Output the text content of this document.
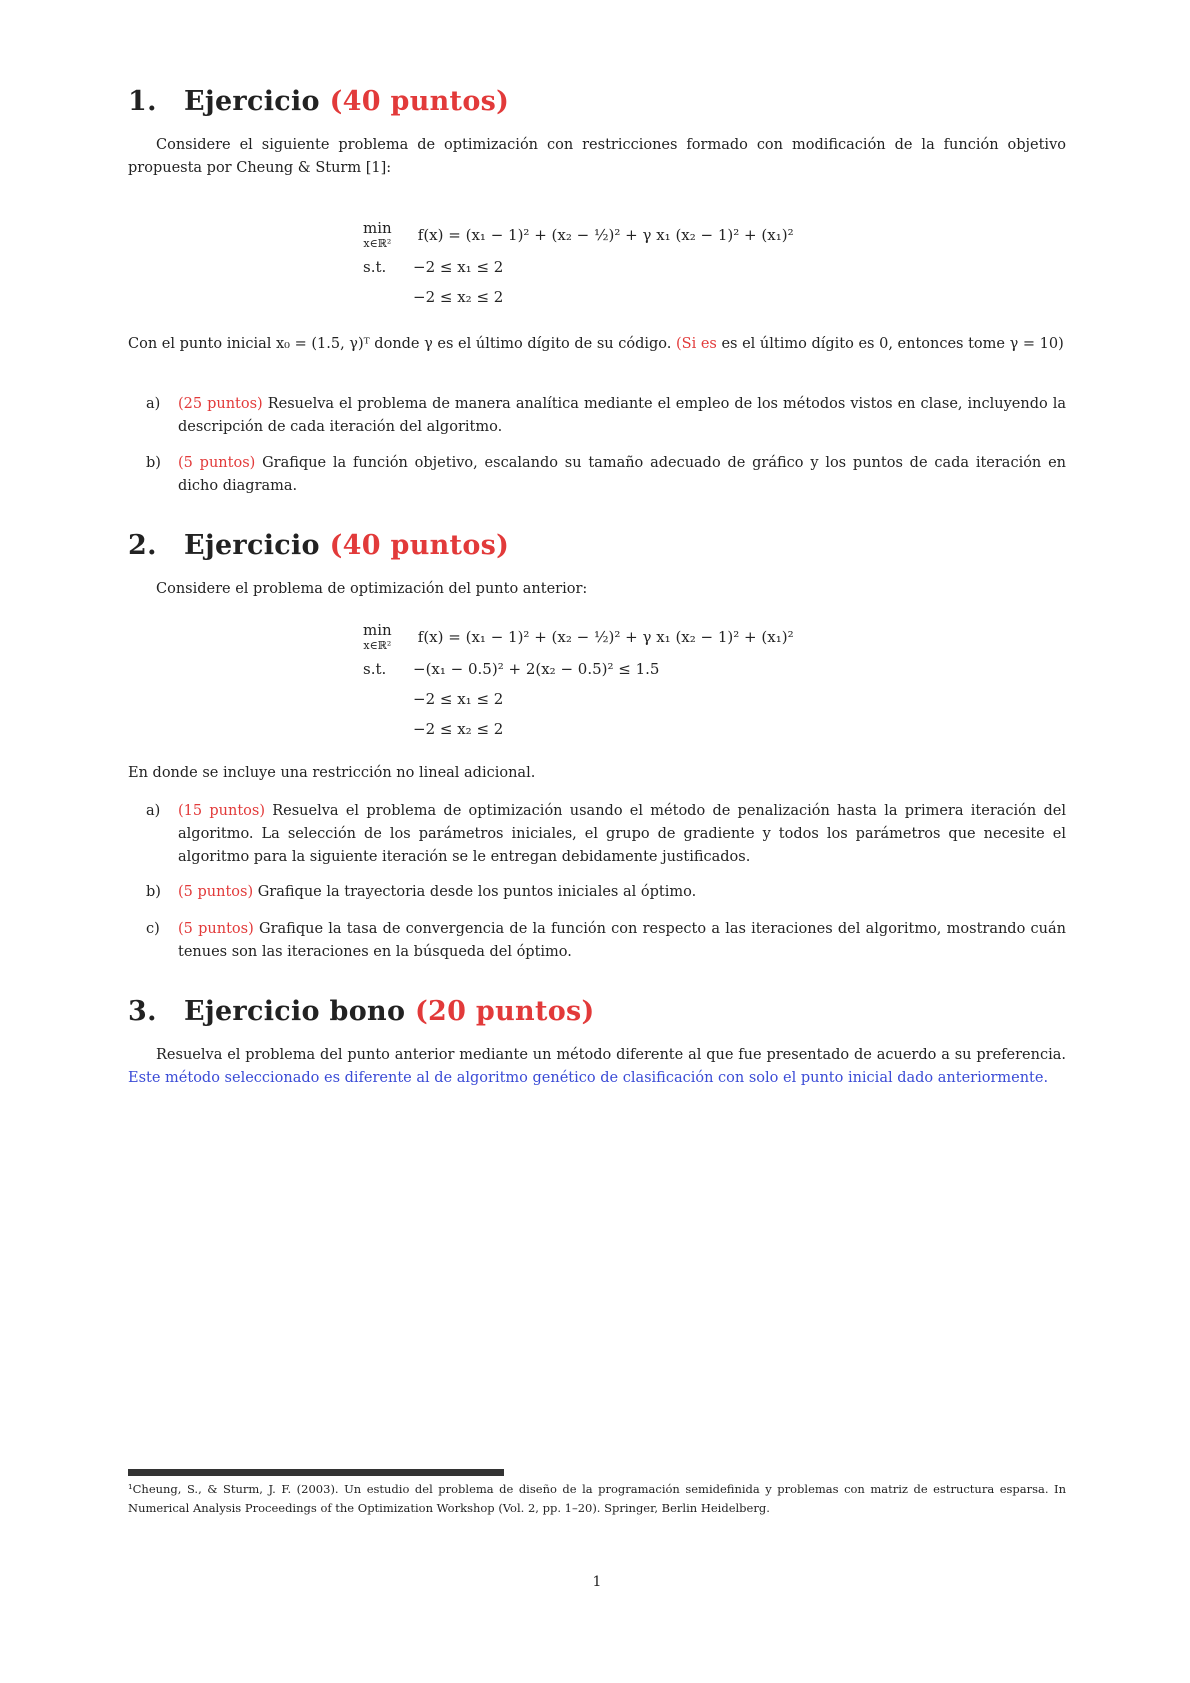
1. Ejercicio (40 puntos)
Considere el siguiente problema de optimización con restricciones formado con modificación de la función objetivo propuesta por Cheung & Sturm [1]:
min
x∈ℝ² f(x) = (x₁ − 1)² + (x₂ − ½)² + γ x₁ (x₂ − 1)² + (x₁)²
s.t. −2 ≤ x₁ ≤ 2
−2 ≤ x₂ ≤ 2
Con el punto inicial x₀ = (1.5, γ)ᵀ donde γ es el último dígito de su código. (Si es es el último dígito es 0, entonces tome γ = 10)
a)	(25 puntos) Resuelva el problema de manera analítica mediante el empleo de los métodos vistos en clase, incluyendo la descripción de cada iteración del algoritmo.
b)	(5 puntos) Grafique la función objetivo, escalando su tamaño adecuado de gráfico y los puntos de cada iteración en dicho diagrama.
2. Ejercicio (40 puntos)
Considere el problema de optimización del punto anterior:
min
x∈ℝ² f(x) = (x₁ − 1)² + (x₂ − ½)² + γ x₁ (x₂ − 1)² + (x₁)²
s.t. −(x₁ − 0.5)² + 2(x₂ − 0.5)² ≤ 1.5
−2 ≤ x₁ ≤ 2
−2 ≤ x₂ ≤ 2
En donde se incluye una restricción no lineal adicional.
a)	(15 puntos) Resuelva el problema de optimización usando el método de penalización hasta la primera iteración del algoritmo. La selección de los parámetros iniciales, el grupo de gradiente y todos los parámetros que necesite el algoritmo para la siguiente iteración se le entregan debidamente justificados.
b)	(5 puntos) Grafique la trayectoria desde los puntos iniciales al óptimo.
c)	(5 puntos) Grafique la tasa de convergencia de la función con respecto a las iteraciones del algoritmo, mostrando cuán tenues son las iteraciones en la búsqueda del óptimo.
3. Ejercicio bono (20 puntos)
Resuelva el problema del punto anterior mediante un método diferente al que fue presentado de acuerdo a su preferencia. Este método seleccionado es diferente al de algoritmo genético de clasificación con solo el punto inicial dado anteriormente.
¹Cheung, S., & Sturm, J. F. (2003). Un estudio del problema de diseño de la programación semidefinida y problemas con matriz de estructura esparsa. In Numerical Analysis Proceedings of the Optimization Workshop (Vol. 2, pp. 1–20). Springer, Berlin Heidelberg.
1
